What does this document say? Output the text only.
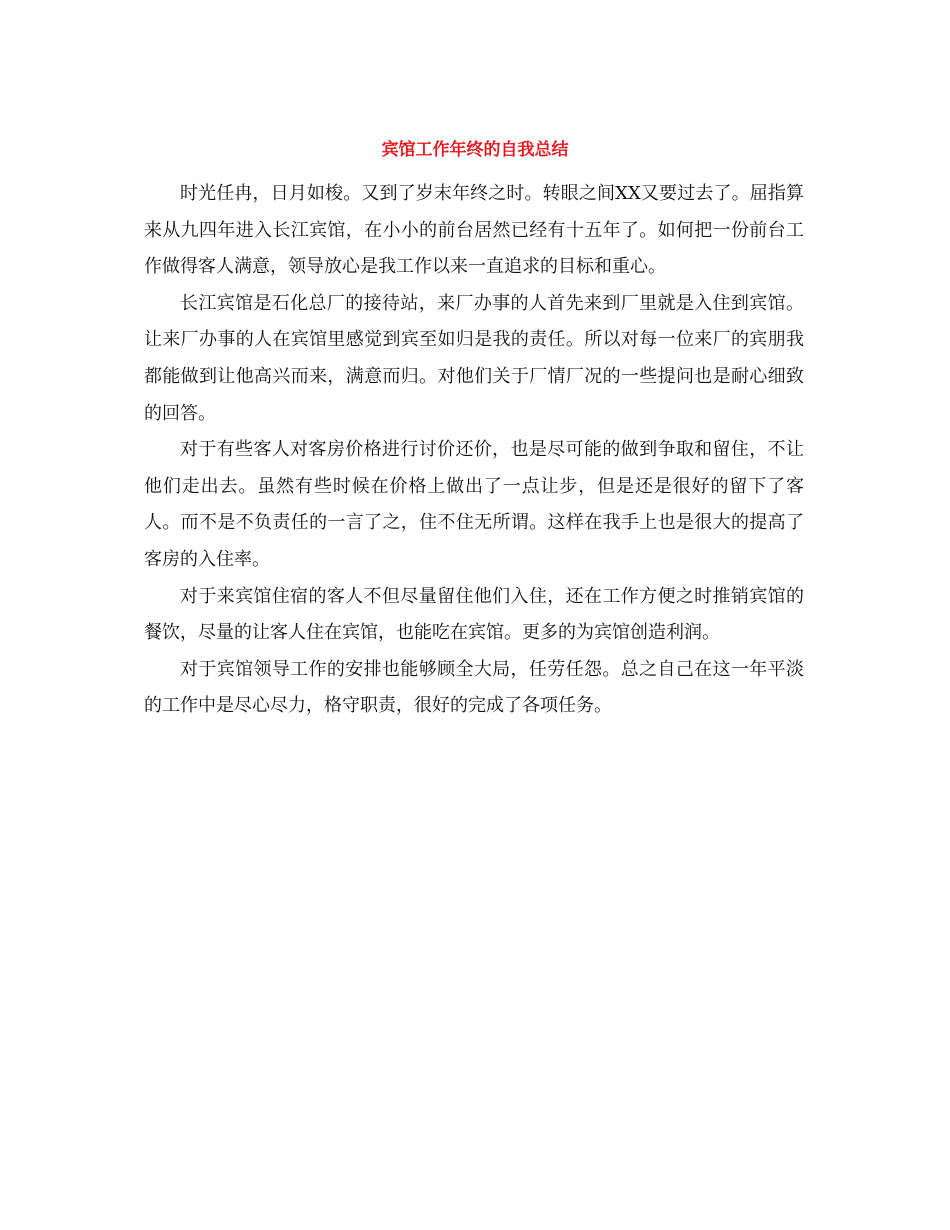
宾馆工作年终的自我总结

时光任冉，日月如梭。又到了岁末年终之时。转眼之间XX又要过去了。屈指算来从九四年进入长江宾馆，在小小的前台居然已经有十五年了。如何把一份前台工作做得客人满意，领导放心是我工作以来一直追求的目标和重心。

长江宾馆是石化总厂的接待站，来厂办事的人首先来到厂里就是入住到宾馆。让来厂办事的人在宾馆里感觉到宾至如归是我的责任。所以对每一位来厂的宾朋我都能做到让他高兴而来，满意而归。对他们关于厂情厂况的一些提问也是耐心细致的回答。

对于有些客人对客房价格进行讨价还价，也是尽可能的做到争取和留住，不让他们走出去。虽然有些时候在价格上做出了一点让步，但是还是很好的留下了客人。而不是不负责任的一言了之，住不住无所谓。这样在我手上也是很大的提高了客房的入住率。

对于来宾馆住宿的客人不但尽量留住他们入住，还在工作方便之时推销宾馆的餐饮，尽量的让客人住在宾馆，也能吃在宾馆。更多的为宾馆创造利润。

对于宾馆领导工作的安排也能够顾全大局，任劳任怨。总之自己在这一年平淡的工作中是尽心尽力，格守职责，很好的完成了各项任务。
